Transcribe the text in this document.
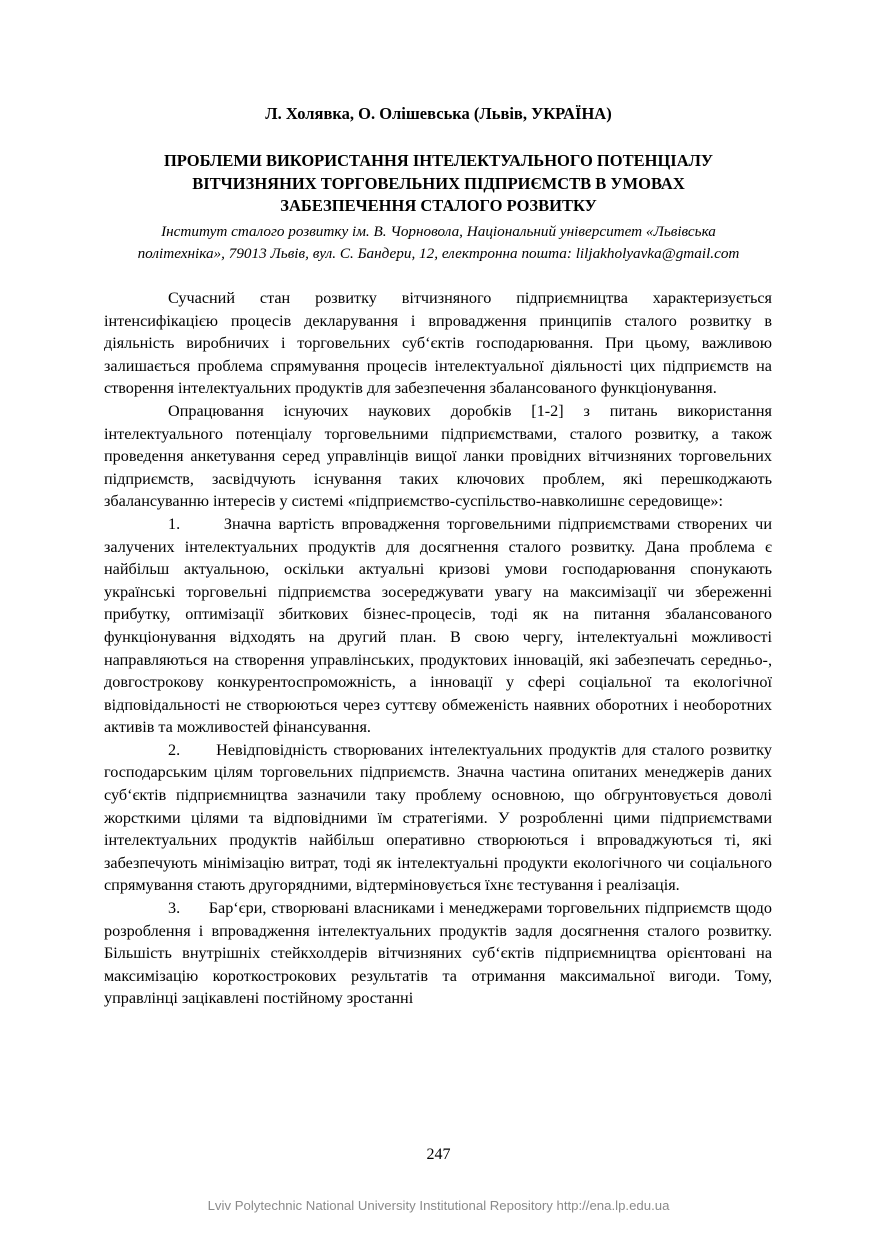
Л. Холявка, О. Олішевська (Львів, УКРАЇНА)
ПРОБЛЕМИ ВИКОРИСТАННЯ ІНТЕЛЕКТУАЛЬНОГО ПОТЕНЦІАЛУ
ВІТЧИЗНЯНИХ ТОРГОВЕЛЬНИХ ПІДПРИЄМСТВ В УМОВАХ
ЗАБЕЗПЕЧЕННЯ СТАЛОГО РОЗВИТКУ
Інститут сталого розвитку ім. В. Чорновола, Національний університет «Львівська
політехніка», 79013 Львів, вул. С. Бандери, 12, електронна пошта: liljakholyavka@gmail.com

Сучасний стан розвитку вітчизняного підприємництва характеризується інтенсифікацією процесів декларування і впровадження принципів сталого розвитку в діяльність виробничих і торговельних суб‘єктів господарювання. При цьому, важливою залишається проблема спрямування процесів інтелектуальної діяльності цих підприємств на створення інтелектуальних продуктів для забезпечення збалансованого функціонування.

Опрацювання існуючих наукових доробків [1-2] з питань використання інтелектуального потенціалу торговельними підприємствами, сталого розвитку, а також проведення анкетування серед управлінців вищої ланки провідних вітчизняних торговельних підприємств, засвідчують існування таких ключових проблем, які перешкоджають збалансуванню інтересів у системі «підприємство-суспільство-навколишнє середовище»:

1.      Значна вартість впровадження торговельними підприємствами створених чи залучених інтелектуальних продуктів для досягнення сталого розвитку. Дана проблема є найбільш актуальною, оскільки актуальні кризові умови господарювання спонукають українські торговельні підприємства зосереджувати увагу на максимізації чи збереженні прибутку, оптимізації збиткових бізнес-процесів, тоді як на питання збалансованого функціонування відходять на другий план. В свою чергу, інтелектуальні можливості направляються на створення управлінських, продуктових інновацій, які забезпечать середньо-, довгострокову конкурентоспроможність, а інновації у сфері соціальної та екологічної відповідальності не створюються через суттєву обмеженість наявних оборотних і необоротних активів та можливостей фінансування.

2.      Невідповідність створюваних інтелектуальних продуктів для сталого розвитку господарським цілям торговельних підприємств. Значна частина опитаних менеджерів даних суб‘єктів підприємництва зазначили таку проблему основною, що обгрунтовується доволі жорсткими цілями та відповідними їм стратегіями. У розробленні цими підприємствами інтелектуальних продуктів найбільш оперативно створюються і впроваджуються ті, які забезпечують мінімізацію витрат, тоді як інтелектуальні продукти екологічного чи соціального спрямування стають другорядними, відтерміновується їхнє тестування і реалізація.

3.      Бар‘єри, створювані власниками і менеджерами торговельних підприємств щодо розроблення і впровадження інтелектуальних продуктів задля досягнення сталого розвитку. Більшість внутрішніх стейкхолдерів вітчизняних суб‘єктів підприємництва орієнтовані на максимізацію короткострокових результатів та отримання максимальної вигоди. Тому, управлінці зацікавлені постійному зростанні

247
Lviv Polytechnic National University Institutional Repository http://ena.lp.edu.ua
